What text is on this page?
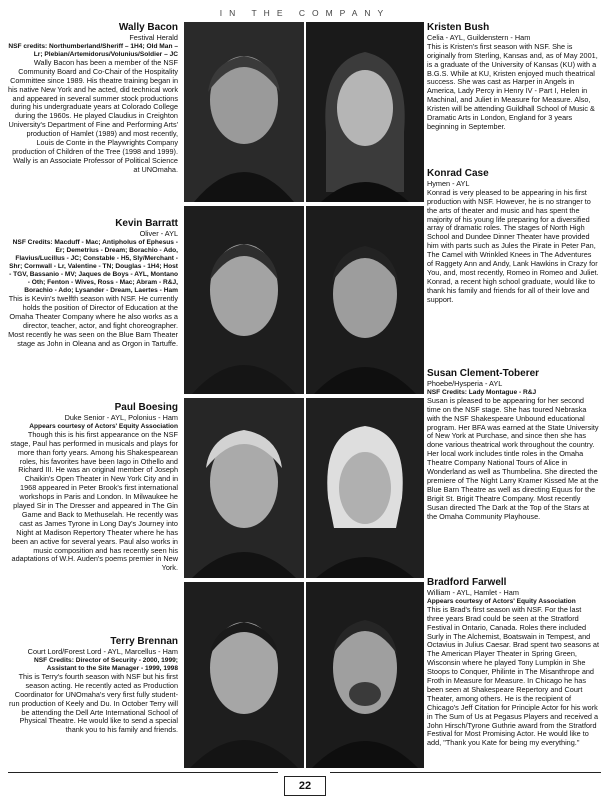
IN THE COMPANY
Wally Bacon
Festival Herald
NSF credits: Northumberland/Sheriff – 1H4; Old Man – Lr; Plebian/Artemidorus/Volunius/Soldier – JC
Wally Bacon has been a member of the NSF Community Board and Co-Chair of the Hospitality Committee since 1989. His theatre training began in his native New York and he acted, did technical work and appeared in several summer stock productions during his undergraduate years at Colorado College during the 1960s. He played Claudius in Creighton University's Department of Fine and Performing Arts' production of Hamlet (1989) and most recently, Louis de Conte in the Playwrights Company production of Children of the Tree (1998 and 1999). Wally is an Associate Professor of Political Science at UNOmaha.
Kevin Barratt
Oliver - AYL
NSF Credits: Macduff - Mac; Antipholus of Ephesus - Er; Demetrius - Dream; Borachio - Ado, Flavius/Lucillus - JC; Constable - H5, Sly/Merchant - Shr; Cornwall - Lr, Valentine - TN; Douglas - 1H4; Host - TGV, Bassanio - MV; Jaques de Boys - AYL, Montano - Oth; Fenton - Wives, Ross - Mac; Abram - R&J, Borachio - Ado; Lysander - Dream, Laertes - Ham
This is Kevin's twelfth season with NSF. He currently holds the position of Director of Education at the Omaha Theater Company where he also works as a director, teacher, actor, and fight choreographer. Most recently he was seen on the Blue Barn Theater stage as John in Oleana and as Orgon in Tartuffe.
Paul Boesing
Duke Senior - AYL, Polonius - Ham
Appears courtesy of Actors' Equity Association
Though this is his first appearance on the NSF stage, Paul has performed in musicals and plays for more than forty years. Among his Shakespearean roles, his favorites have been Iago in Othello and Richard III. He was an original member of Joseph Chaikin's Open Theater in New York City and in 1968 appeared in Peter Brook's first international workshops in Paris and London. In Milwaukee he played Sir in The Dresser and appeared in The Gin Game and Back to Methuselah. He recently was cast as James Tyrone in Long Day's Journey into Night at Madison Repertory Theater where he has been an active for several years. Paul also works in music composition and has recently seen his adaptations of W.H. Auden's poems premier in New York.
Terry Brennan
Court Lord/Forest Lord - AYL, Marcellus - Ham
NSF Credits: Director of Security - 2000, 1999; Assistant to the Site Manager - 1999, 1998
This is Terry's fourth season with NSF but his first season acting. He recently acted as Production Coordinator for UNOmaha's very first fully student-run production of Keely and Du. In October Terry will be attending the Dell Arte International School of Physical Theatre. He would like to send a special thank you to his family and friends.
Kristen Bush
Celia - AYL, Guildenstern - Ham
This is Kristen's first season with NSF. She is originally from Sterling, Kansas and, as of May 2001, is a graduate of the University of Kansas (KU) with a B.G.S. While at KU, Kristen enjoyed much theatrical success. She was cast as Harper in Angels in America, Lady Percy in Henry IV - Part I, Helen in Machinal, and Juliet in Measure for Measure. Also, Kristen will be attending Guildhall School of Music & Dramatic Arts in London, England for 3 years beginning in September.
Konrad Case
Hymen - AYL
Konrad is very pleased to be appearing in his first production with NSF. However, he is no stranger to the arts of theater and music and has spent the majority of his young life preparing for a diversified array of dramatic roles. The stages of North High School and Dundee Dinner Theater have provided him with parts such as Jules the Pirate in Peter Pan, The Camel with Wrinkled Knees in The Adventures of Raggety Ann and Andy, Lank Hawkins in Crazy for You, and, most recently, Romeo in Romeo and Juliet. Konrad, a recent high school graduate, would like to thank his family and friends for all of their love and support.
Susan Clement-Toberer
Phoebe/Hysperia - AYL
NSF Credits: Lady Montague - R&J
Susan is pleased to be appearing for her second time on the NSF stage. She has toured Nebraska with the NSF Shakespeare Unbound educational program. Her BFA was earned at the State University of New York at Purchase, and since then she has done various theatrical work throughout the country. Her local work includes tintle roles in the Omaha Theatre Company National Tours of Alice in Wonderland as well as Thumbelina. She directed the premiere of The Night Larry Kramer Kissed Me at the Blue Barn Theatre as well as directing Equus for the Brigit St. Brigit Theatre Company. Most recently Susan directed The Dark at the Top of the Stars at the Omaha Community Playhouse.
Bradford Farwell
William - AYL, Hamlet - Ham
Appears courtesy of Actors' Equity Association
This is Brad's first season with NSF. For the last three years Brad could be seen at the Stratford Festival in Ontario, Canada. Roles there included Surly in The Alchemist, Boatswain in Tempest, and Octavius in Julius Caesar. Brad spent two seasons at The American Player Theater in Spring Green, Wisconsin where he played Tony Lumpkin in She Stoops to Conquer, Philinte in The Misanthrope and Froth in Measure for Measure. In Chicago he has been seen at Shakespeare Repertory and Court Theater, among others. He is the recipient of Chicago's Jeff Citation for Principle Actor for his work in The Sum of Us at Pegasus Players and received a John Hirsch/Tyrone Guthrie award from the Stratford Festival for Most Promising Actor. He would like to add, "Thank you Kate for being my everything."
22
